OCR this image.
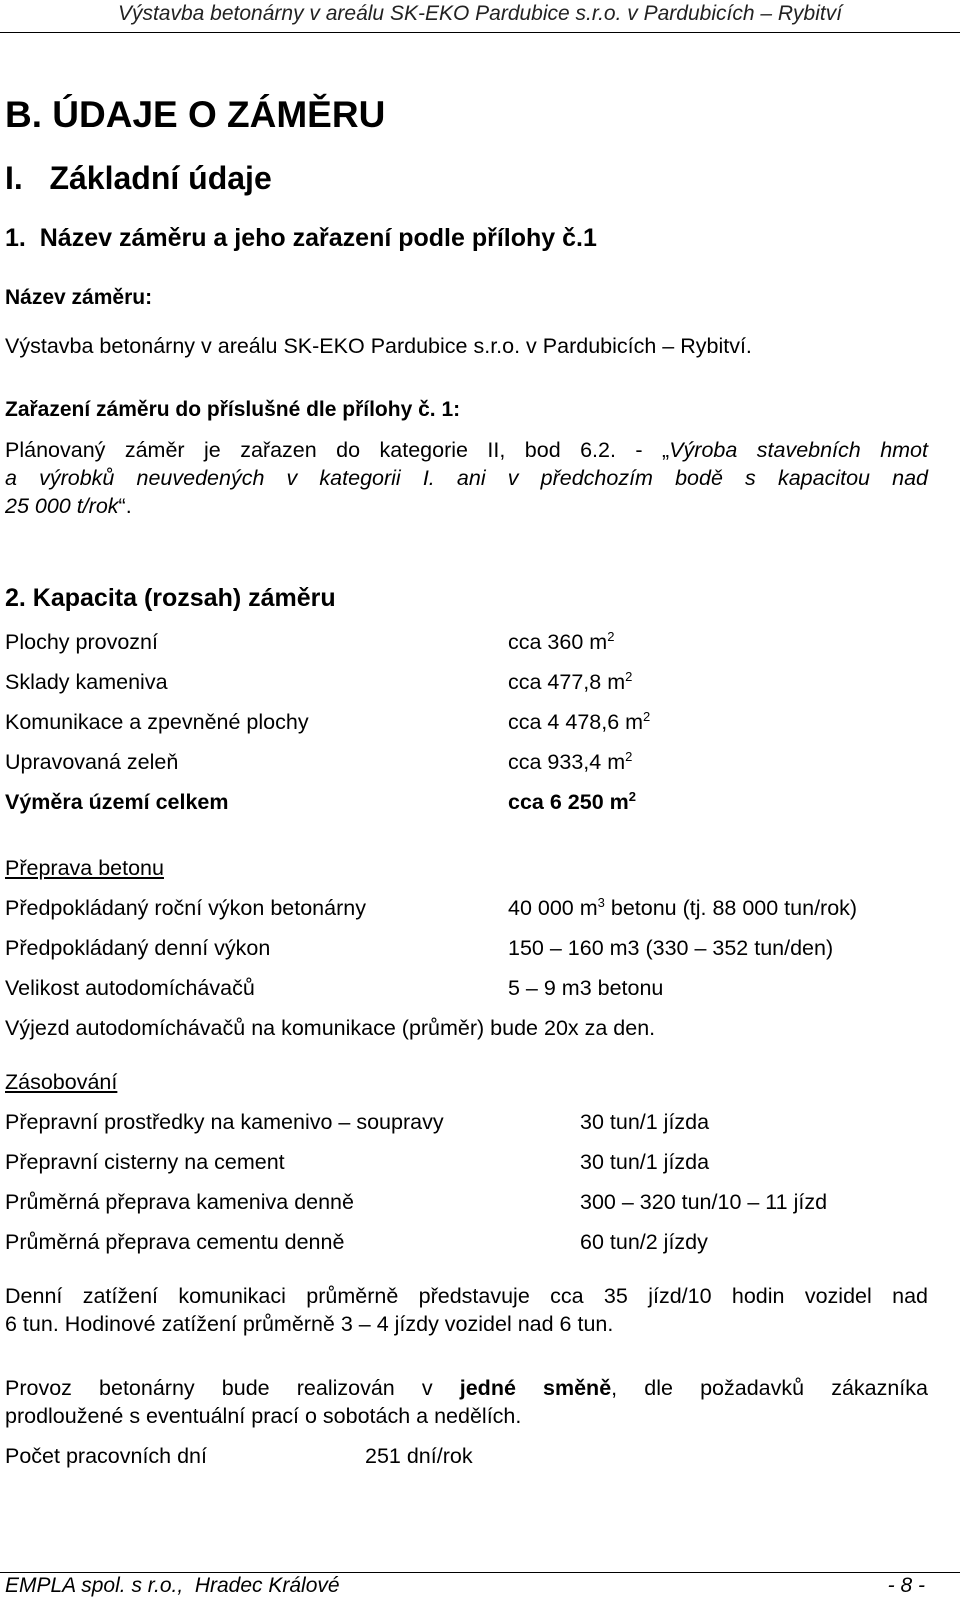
Výstavba betonárny v areálu SK-EKO Pardubice s.r.o. v Pardubicích – Rybitví
B. ÚDAJE O ZÁMĚRU
I.   Základní údaje
1.  Název záměru a jeho zařazení podle přílohy č.1
Název záměru:
Výstavba betonárny v areálu SK-EKO Pardubice s.r.o. v Pardubicích – Rybitví.
Zařazení záměru do příslušné dle přílohy č. 1:
Plánovaný záměr je zařazen do kategorie II, bod 6.2. - „Výroba stavebních hmot
a výrobků neuvedených v kategorii I. ani v předchozím bodě s kapacitou nad
25 000 t/rok“.
2. Kapacita (rozsah) záměru
Plochy provozní	cca 360 $m^2$
Sklady kameniva	cca 477,8 $m^2$
Komunikace a zpevněné plochy	cca 4 478,6 $m^2$
Upravovaná zeleň	cca 933,4 $m^2$
Výměra území celkem	cca 6 250 $m^2$
Přeprava betonu
Předpokládaný roční výkon betonárny	40 000 $m^3$ betonu (tj. 88 000 tun/rok)
Předpokládaný denní výkon	150 – 160 m3 (330 – 352 tun/den)
Velikost autodomíchávačů	5 – 9 m3 betonu
Výjezd autodomíchávačů na komunikace (průměr) bude 20x za den.
Zásobování
Přepravní prostředky na kamenivo – soupravy	30 tun/1 jízda
Přepravní cisterny na cement	30 tun/1 jízda
Průměrná přeprava kameniva denně	300 – 320 tun/10 – 11 jízd
Průměrná přeprava cementu denně	60 tun/2 jízdy
Denní zatížení komunikaci průměrně představuje cca 35 jízd/10 hodin vozidel nad
6 tun. Hodinové zatížení průměrně 3 – 4 jízdy vozidel nad 6 tun.
Provoz betonárny bude realizován v jedné směně, dle požadavků zákazníka
prodloužené s eventuální prací o sobotách a nedělích.
Počet pracovních dní	251 dní/rok
EMPLA spol. s r.o.,  Hradec Králové	- 8 -
